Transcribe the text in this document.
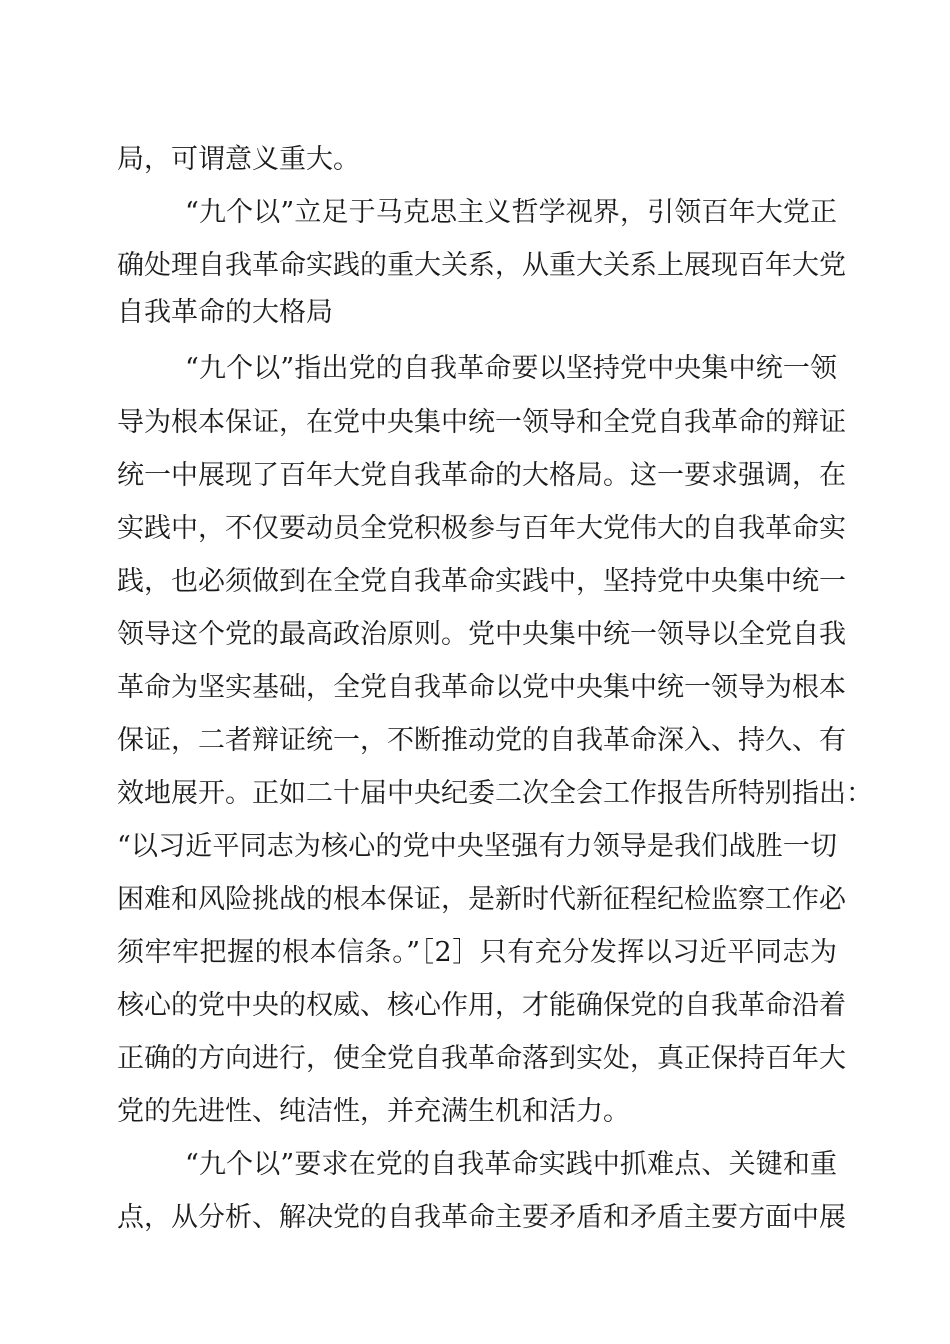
局，可谓意义重大。
“九个以”立足于马克思主义哲学视界，引领百年大党正
确处理自我革命实践的重大关系，从重大关系上展现百年大党
自我革命的大格局
“九个以”指出党的自我革命要以坚持党中央集中统一领
导为根本保证，在党中央集中统一领导和全党自我革命的辩证
统一中展现了百年大党自我革命的大格局。这一要求强调，在
实践中，不仅要动员全党积极参与百年大党伟大的自我革命实
践，也必须做到在全党自我革命实践中，坚持党中央集中统一
领导这个党的最高政治原则。党中央集中统一领导以全党自我
革命为坚实基础，全党自我革命以党中央集中统一领导为根本
保证，二者辩证统一，不断推动党的自我革命深入、持久、有
效地展开。正如二十届中央纪委二次全会工作报告所特别指出：
“以习近平同志为核心的党中央坚强有力领导是我们战胜一切
困难和风险挑战的根本保证，是新时代新征程纪检监察工作必
须牢牢把握的根本信条。”［2］只有充分发挥以习近平同志为
核心的党中央的权威、核心作用，才能确保党的自我革命沿着
正确的方向进行，使全党自我革命落到实处，真正保持百年大
党的先进性、纯洁性，并充满生机和活力。
“九个以”要求在党的自我革命实践中抓难点、关键和重
点，从分析、解决党的自我革命主要矛盾和矛盾主要方面中展
